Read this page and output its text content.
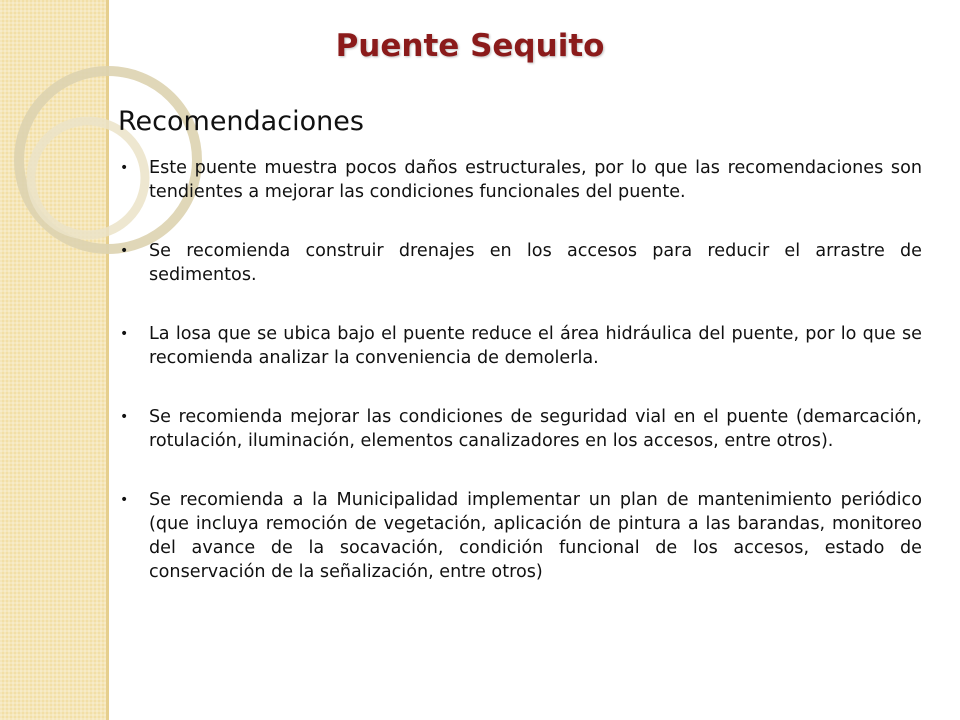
Puente Sequito
Recomendaciones
• Este puente muestra pocos daños estructurales, por lo que las recomendaciones son tendientes a mejorar las condiciones funcionales del puente.
• Se recomienda construir drenajes en los accesos para reducir el arrastre de sedimentos.
• La losa que se ubica bajo el puente reduce el área hidráulica del puente, por lo que se recomienda analizar la conveniencia de demolerla.
• Se recomienda mejorar las condiciones de seguridad vial en el puente (demarcación, rotulación, iluminación, elementos canalizadores en los accesos, entre otros).
• Se recomienda a la Municipalidad implementar un plan de mantenimiento periódico (que incluya remoción de vegetación, aplicación de pintura a las barandas, monitoreo del avance de la socavación, condición funcional de los accesos, estado de conservación de la señalización, entre otros)
